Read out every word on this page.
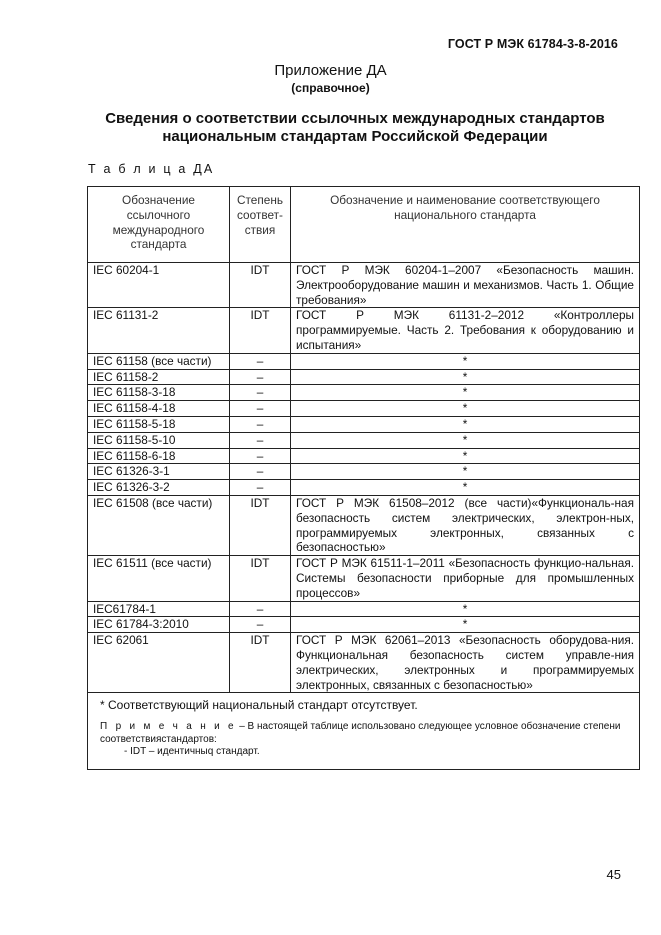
ГОСТ Р МЭК 61784-3-8-2016
Приложение ДА
(справочное)
Сведения о соответствии ссылочных международных стандартов национальным стандартам Российской Федерации
Т а б л и ц а ДА
Обозначение ссылочного международного стандарта	Степень соответ-ствия	Обозначение и наименование соответствующего национального стандарта
IEC 60204-1	IDT	ГОСТ Р МЭК 60204-1–2007 «Безопасность машин. Электрооборудование машин и механизмов. Часть 1. Общие требования»
IEC 61131-2	IDT	ГОСТ Р МЭК 61131-2–2012 «Контроллеры программируемые. Часть 2. Требования к оборудованию и испытания»
IEC 61158 (все части)	–	*
IEC 61158-2	–	*
IEC 61158-3-18	–	*
IEC 61158-4-18	–	*
IEC 61158-5-18	–	*
IEC 61158-5-10	–	*
IEC 61158-6-18	–	*
IEC 61326-3-1	–	*
IEC 61326-3-2	–	*
IEC 61508 (все части)	IDT	ГОСТ Р МЭК 61508–2012 (все части)«Функциональ-ная безопасность систем электрических, электрон-ных, программируемых электронных, связанных с безопасностью»
IEC 61511 (все части)	IDT	ГОСТ Р МЭК 61511-1–2011 «Безопасность функцио-нальная. Системы безопасности приборные для промышленных процессов»
IEC61784-1	–	*
IEC 61784-3:2010	–	*
IEC 62061	IDT	ГОСТ Р МЭК 62061–2013 «Безопасность оборудова-ния. Функциональная безопасность систем управле-ния электрических, электронных и программируемых электронных, связанных с безопасностью»

* Соответствующий национальный стандарт отсутствует.
П р и м е ч а н и е – В настоящей таблице использовано следующее условное обозначение степени соответствиястандартов:
- IDT – идентичныq стандарт.		
45
